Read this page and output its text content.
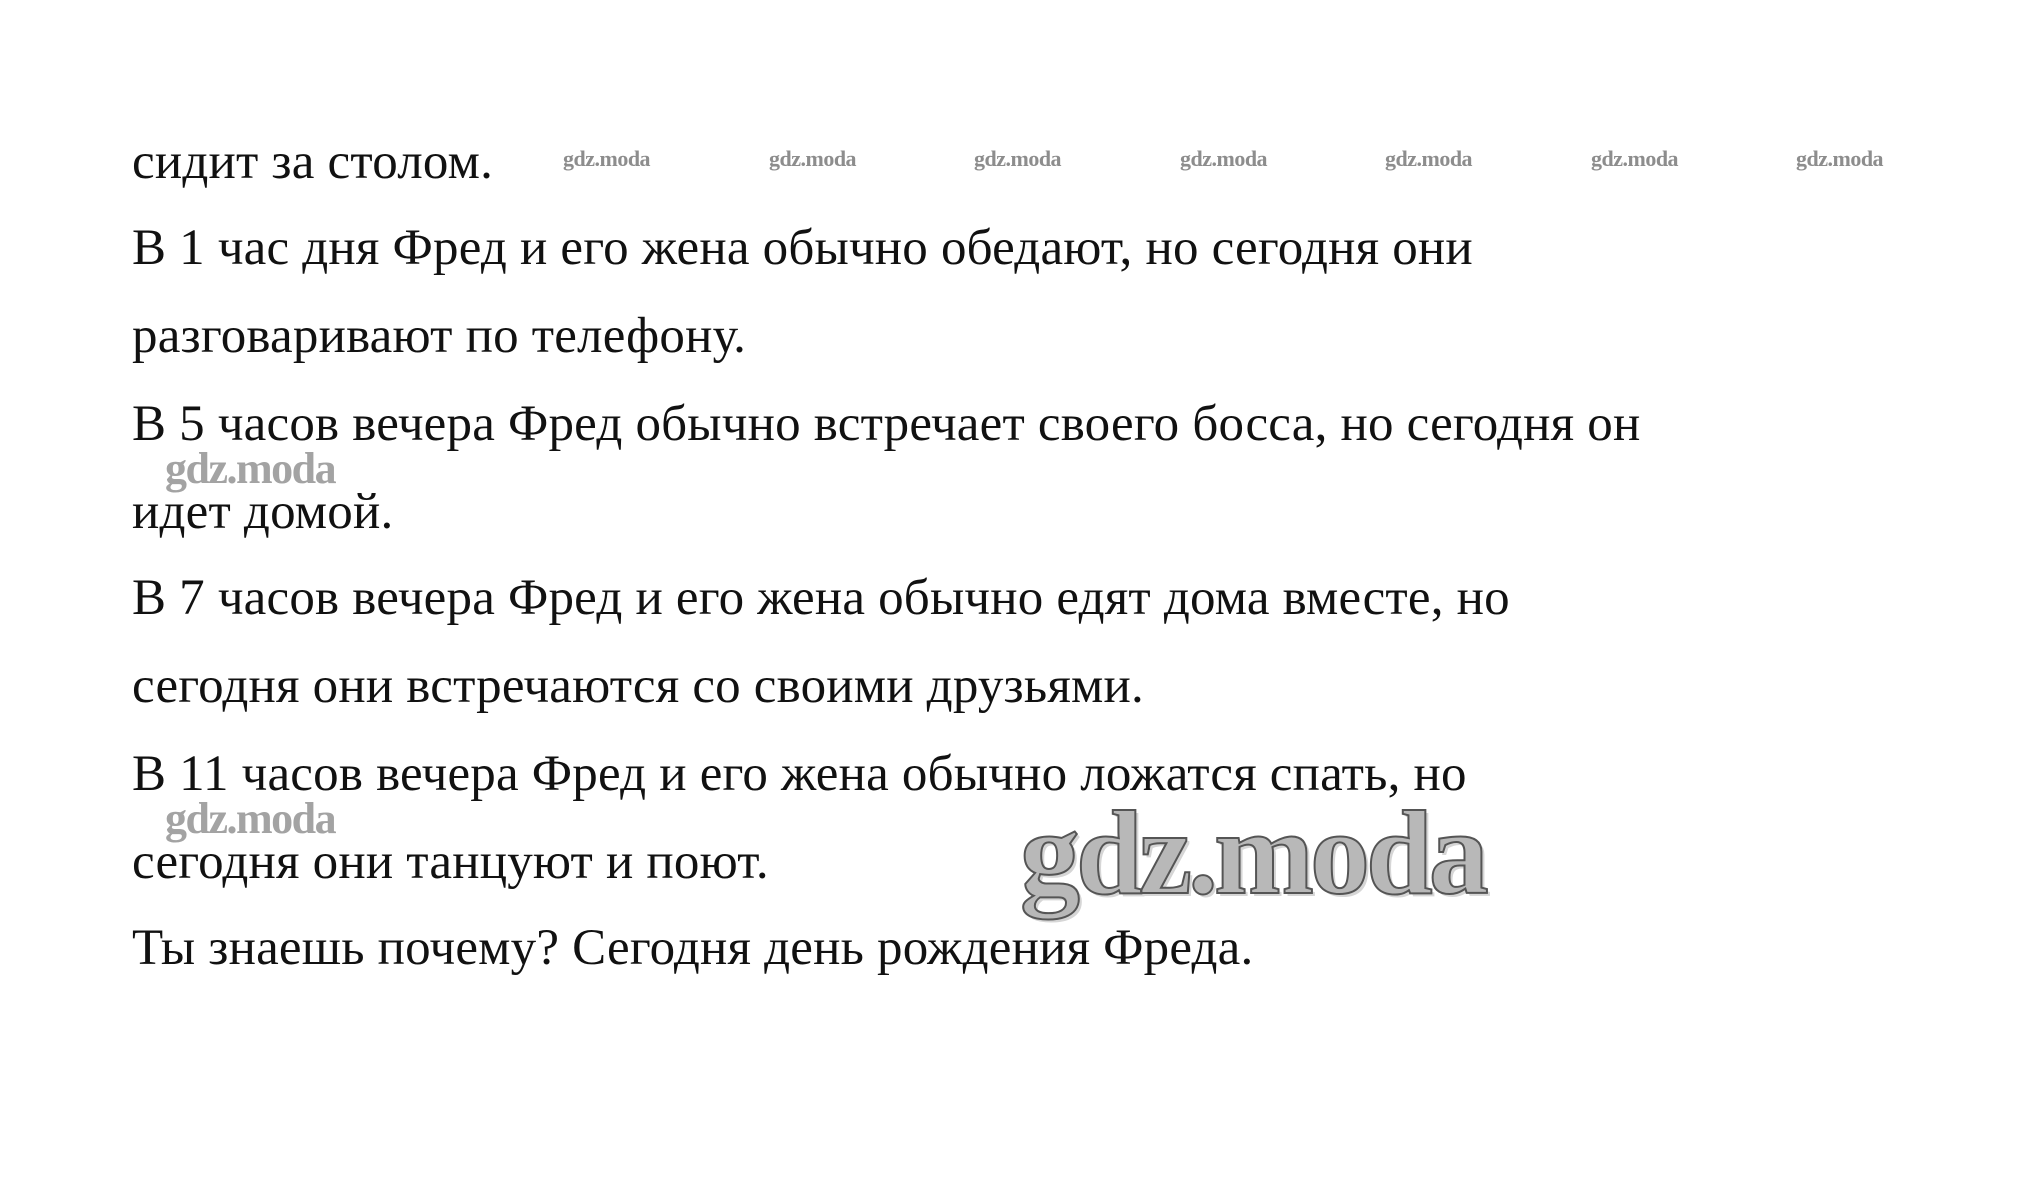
сидит за столом.
В 1 час дня Фред и его жена обычно обедают, но сегодня они
разговаривают по телефону.
В 5 часов вечера Фред обычно встречает своего босса, но сегодня он
идет домой.
В 7 часов вечера Фред и его жена обычно едят дома вместе, но
сегодня они встречаются со своими друзьями.
В 11 часов вечера Фред и его жена обычно ложатся спать, но
сегодня они танцуют и поют.
Ты знаешь почему? Сегодня день рождения Фреда.
gdz.moda	gdz.moda	gdz.moda	gdz.moda	gdz.moda	gdz.moda	gdz.moda
gdz.moda
gdz.moda	gdz.moda
